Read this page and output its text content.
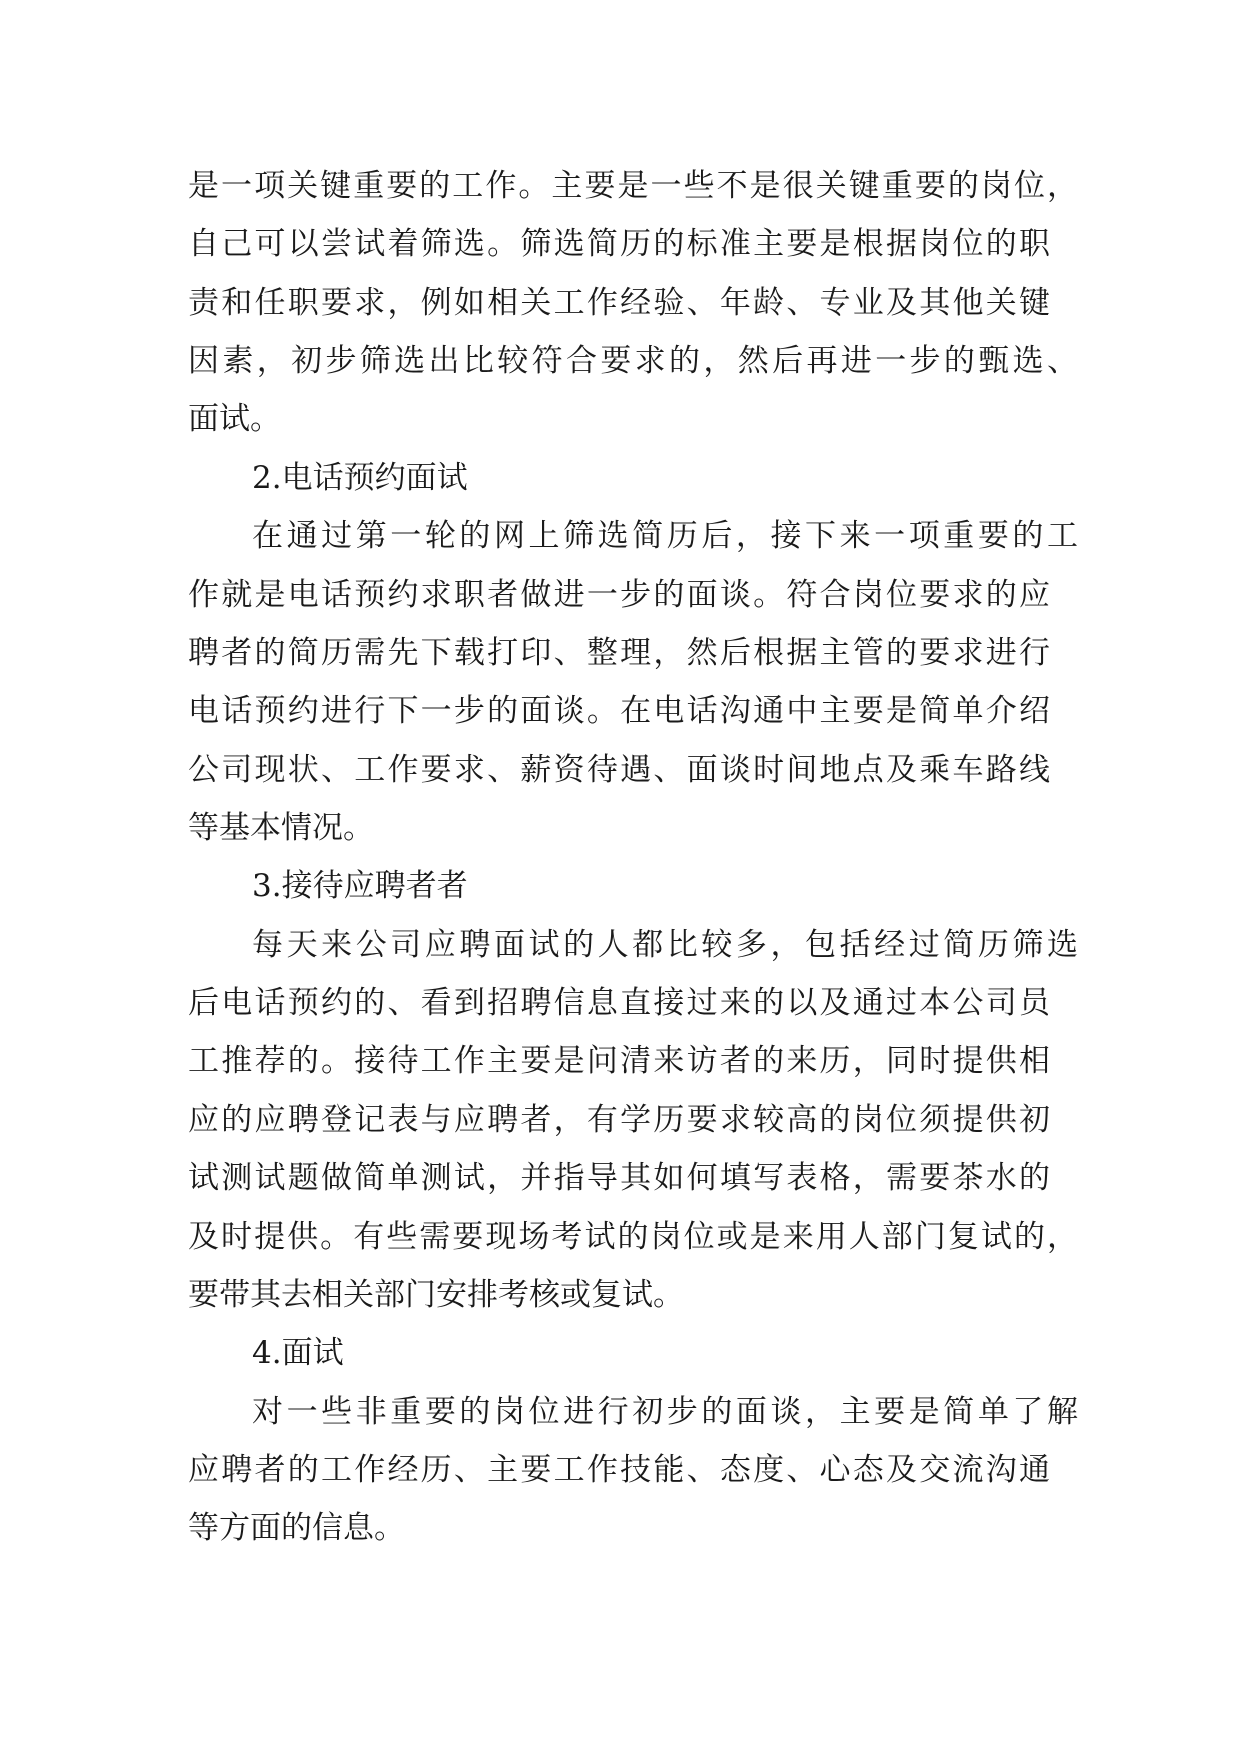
是一项关键重要的工作。主要是一些不是很关键重要的岗位，
自己可以尝试着筛选。筛选简历的标准主要是根据岗位的职
责和任职要求，例如相关工作经验、年龄、专业及其他关键
因素，初步筛选出比较符合要求的，然后再进一步的甄选、
面试。
2.电话预约面试
在通过第一轮的网上筛选简历后，接下来一项重要的工
作就是电话预约求职者做进一步的面谈。符合岗位要求的应
聘者的简历需先下载打印、整理，然后根据主管的要求进行
电话预约进行下一步的面谈。在电话沟通中主要是简单介绍
公司现状、工作要求、薪资待遇、面谈时间地点及乘车路线
等基本情况。
3.接待应聘者者
每天来公司应聘面试的人都比较多，包括经过简历筛选
后电话预约的、看到招聘信息直接过来的以及通过本公司员
工推荐的。接待工作主要是问清来访者的来历，同时提供相
应的应聘登记表与应聘者，有学历要求较高的岗位须提供初
试测试题做简单测试，并指导其如何填写表格，需要茶水的
及时提供。有些需要现场考试的岗位或是来用人部门复试的，
要带其去相关部门安排考核或复试。
4.面试
对一些非重要的岗位进行初步的面谈，主要是简单了解
应聘者的工作经历、主要工作技能、态度、心态及交流沟通
等方面的信息。
